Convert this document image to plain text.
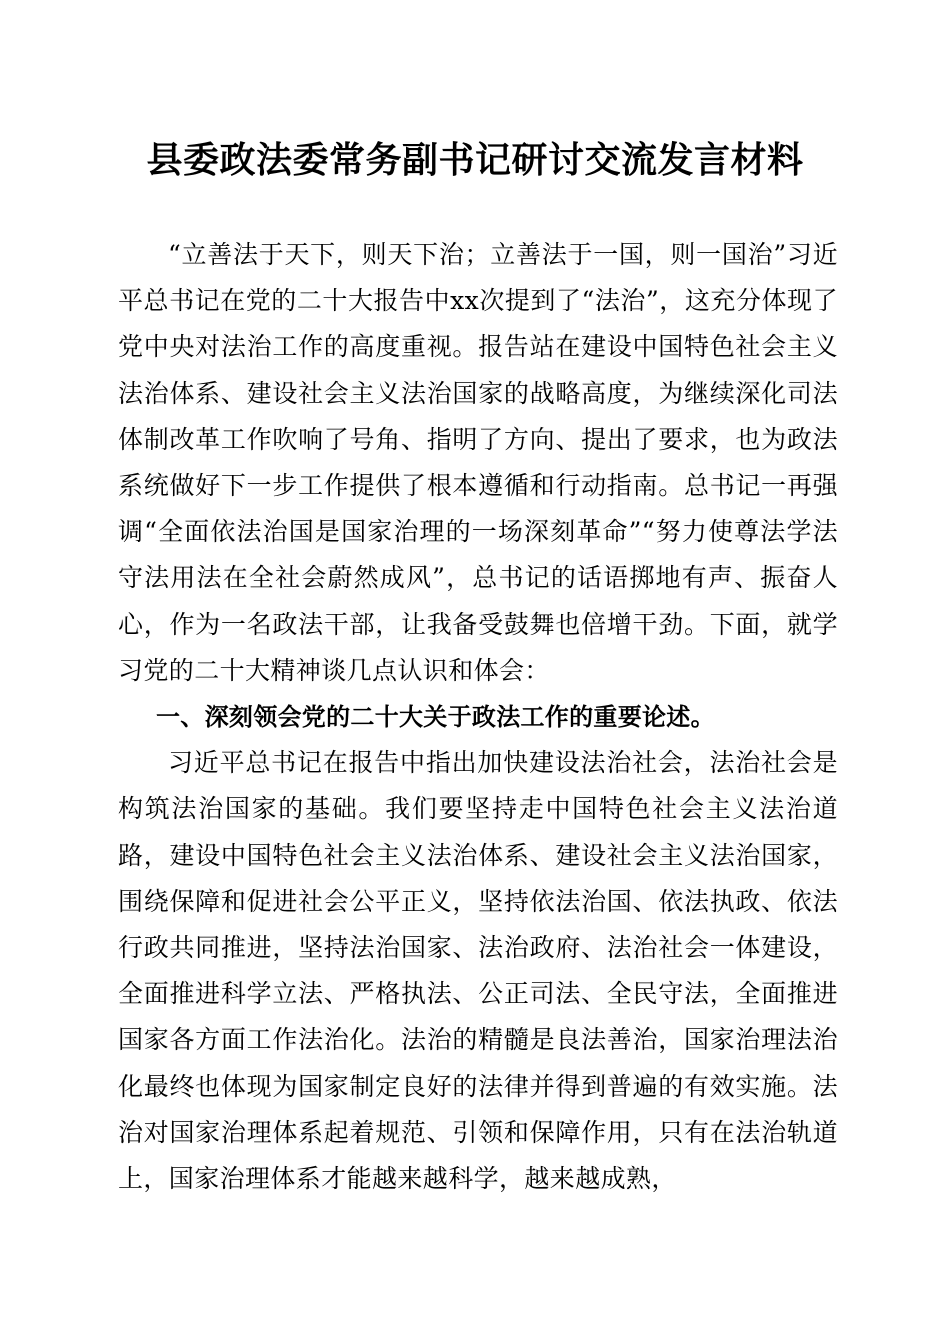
县委政法委常务副书记研讨交流发言材料

“立善法于天下，则天下治；立善法于一国，则一国治”习近平总书记在党的二十大报告中xx次提到了“法治”，这充分体现了党中央对法治工作的高度重视。报告站在建设中国特色社会主义法治体系、建设社会主义法治国家的战略高度，为继续深化司法体制改革工作吹响了号角、指明了方向、提出了要求，也为政法系统做好下一步工作提供了根本遵循和行动指南。总书记一再强调“全面依法治国是国家治理的一场深刻革命”“努力使尊法学法守法用法在全社会蔚然成风”，总书记的话语掷地有声、振奋人心，作为一名政法干部，让我备受鼓舞也倍增干劲。下面，就学习党的二十大精神谈几点认识和体会：

一、深刻领会党的二十大关于政法工作的重要论述。

习近平总书记在报告中指出加快建设法治社会，法治社会是构筑法治国家的基础。我们要坚持走中国特色社会主义法治道路，建设中国特色社会主义法治体系、建设社会主义法治国家，围绕保障和促进社会公平正义，坚持依法治国、依法执政、依法行政共同推进，坚持法治国家、法治政府、法治社会一体建设，全面推进科学立法、严格执法、公正司法、全民守法，全面推进国家各方面工作法治化。法治的精髓是良法善治，国家治理法治化最终也体现为国家制定良好的法律并得到普遍的有效实施。法治对国家治理体系起着规范、引领和保障作用，只有在法治轨道上，国家治理体系才能越来越科学，越来越成熟，
